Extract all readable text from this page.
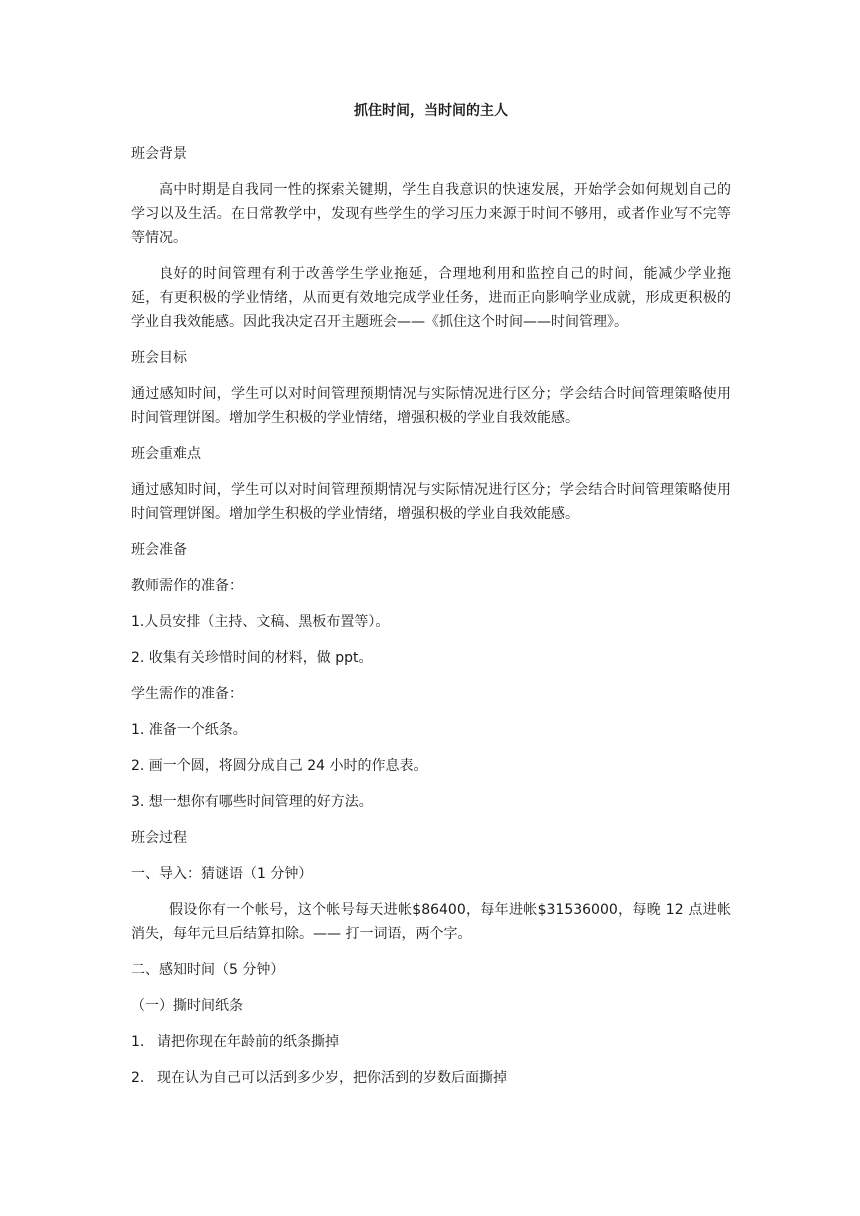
抓住时间，当时间的主人
班会背景
高中时期是自我同一性的探索关键期，学生自我意识的快速发展，开始学会如何规划自己的学习以及生活。在日常教学中，发现有些学生的学习压力来源于时间不够用，或者作业写不完等等情况。
良好的时间管理有利于改善学生学业拖延，合理地利用和监控自己的时间，能减少学业拖延，有更积极的学业情绪，从而更有效地完成学业任务，进而正向影响学业成就，形成更积极的学业自我效能感。因此我决定召开主题班会——《抓住这个时间——时间管理》。
班会目标
通过感知时间，学生可以对时间管理预期情况与实际情况进行区分；学会结合时间管理策略使用时间管理饼图。增加学生积极的学业情绪，增强积极的学业自我效能感。
班会重难点
通过感知时间，学生可以对时间管理预期情况与实际情况进行区分；学会结合时间管理策略使用时间管理饼图。增加学生积极的学业情绪，增强积极的学业自我效能感。
班会准备
教师需作的准备：
1.人员安排（主持、文稿、黑板布置等）。
2. 收集有关珍惜时间的材料，做 ppt。
学生需作的准备：
1. 准备一个纸条。
2. 画一个圆，将圆分成自己 24 小时的作息表。
3. 想一想你有哪些时间管理的好方法。
班会过程
一、导入：猜谜语（1 分钟）
假设你有一个帐号，这个帐号每天进帐$86400，每年进帐$31536000，每晚 12 点进帐消失，每年元旦后结算扣除。—— 打一词语，两个字。
二、感知时间（5 分钟）
（一）撕时间纸条
1. 请把你现在年龄前的纸条撕掉
2. 现在认为自己可以活到多少岁，把你活到的岁数后面撕掉
